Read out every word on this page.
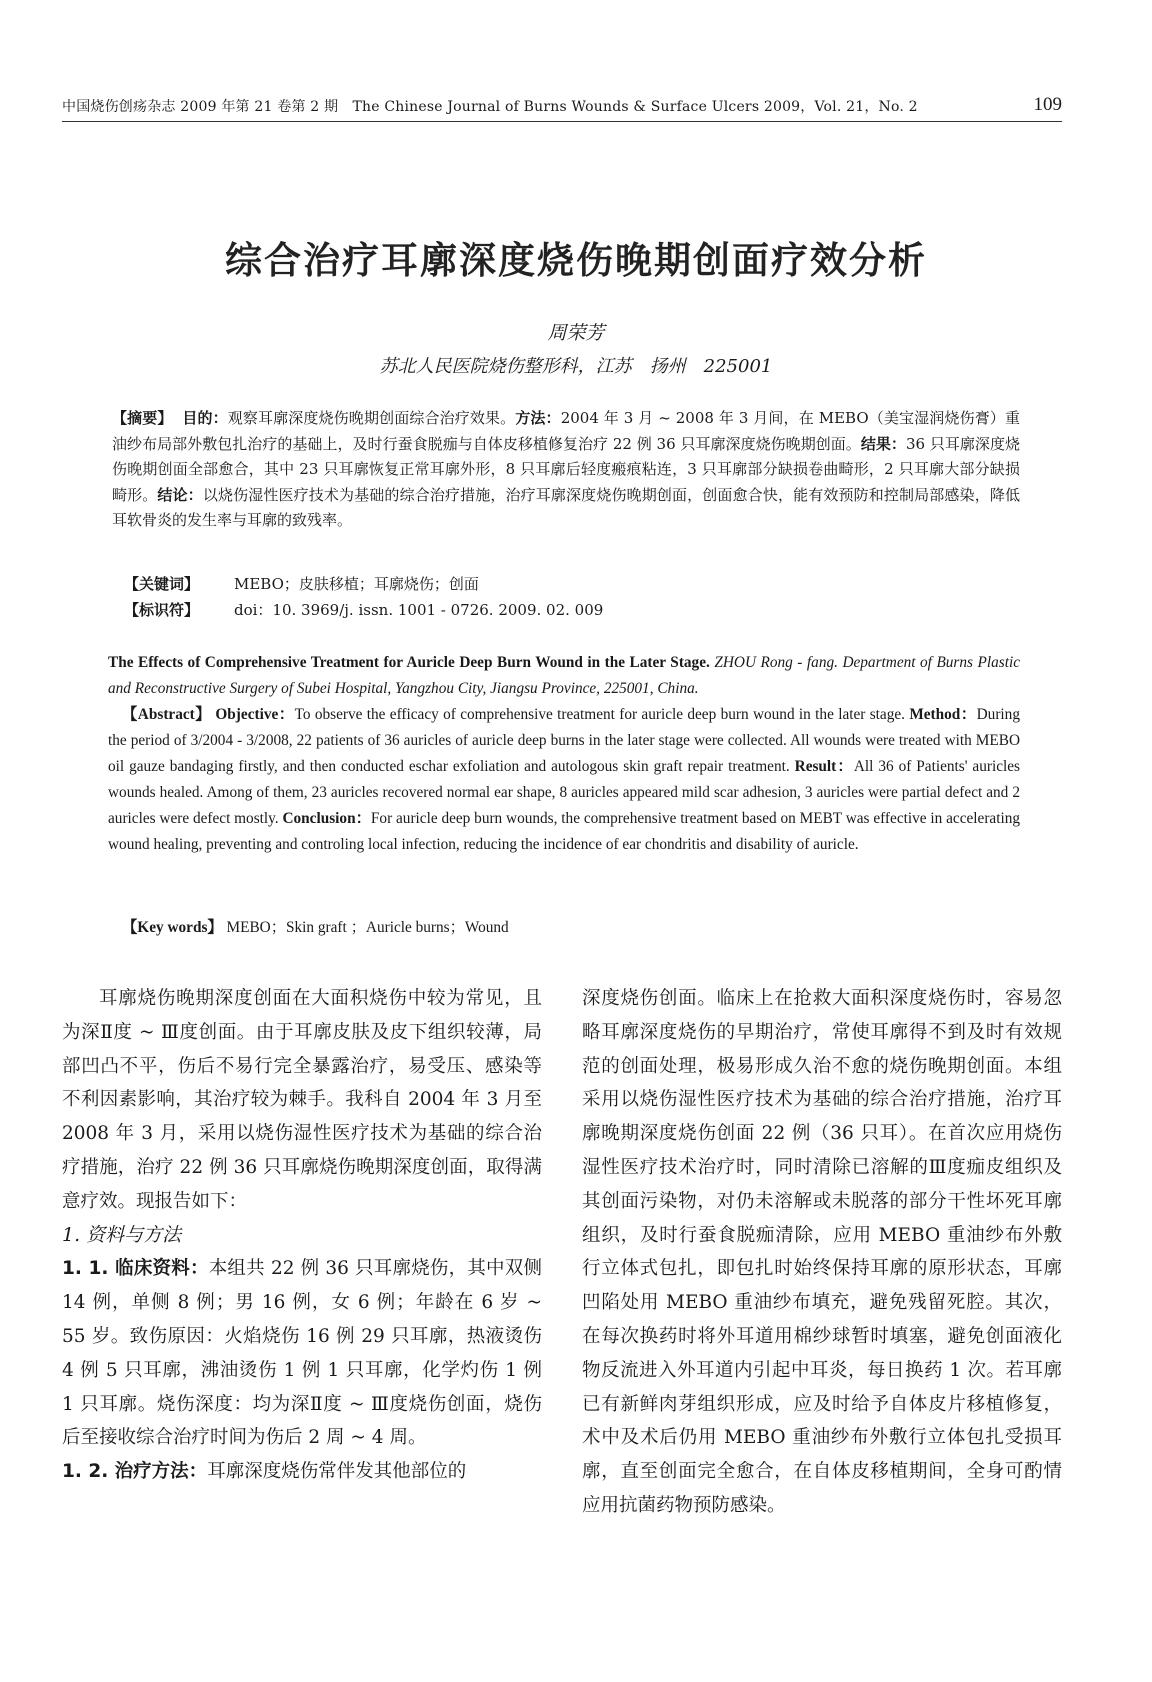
中国烧伤创疡杂志 2009 年第 21 卷第 2 期　The Chinese Journal of Burns Wounds & Surface Ulcers 2009，Vol. 21，No. 2	109
综合治疗耳廓深度烧伤晚期创面疗效分析
周荣芳
苏北人民医院烧伤整形科，江苏　扬州　225001
【摘要】 目的：观察耳廓深度烧伤晚期创面综合治疗效果。方法：2004 年 3 月 ~ 2008 年 3 月间，在 MEBO（美宝湿润烧伤膏）重油纱布局部外敷包扎治疗的基础上，及时行蚕食脱痂与自体皮移植修复治疗 22 例 36 只耳廓深度烧伤晚期创面。结果：36 只耳廓深度烧伤晚期创面全部愈合，其中 23 只耳廓恢复正常耳廓外形，8 只耳廓后轻度瘢痕粘连，3 只耳廓部分缺损卷曲畸形，2 只耳廓大部分缺损畸形。结论：以烧伤湿性医疗技术为基础的综合治疗措施，治疗耳廓深度烧伤晚期创面，创面愈合快，能有效预防和控制局部感染，降低耳软骨炎的发生率与耳廓的致残率。
【关键词】 MEBO；皮肤移植；耳廓烧伤；创面
【标识符】 doi：10. 3969/j. issn. 1001 - 0726. 2009. 02. 009

The Effects of Comprehensive Treatment for Auricle Deep Burn Wound in the Later Stage. ZHOU Rong - fang. Department of Burns Plastic and Reconstructive Surgery of Subei Hospital, Yangzhou City, Jiangsu Province, 225001, China.

【Abstract】 Objective：To observe the efficacy of comprehensive treatment for auricle deep burn wound in the later stage. Method：During the period of 3/2004 - 3/2008, 22 patients of 36 auricles of auricle deep burns in the later stage were collected. All wounds were treated with MEBO oil gauze bandaging firstly, and then conducted eschar exfoliation and autologous skin graft repair treatment. Result：All 36 of Patients' auricles wounds healed. Among of them, 23 auricles recovered normal ear shape, 8 auricles appeared mild scar adhesion, 3 auricles were partial defect and 2 auricles were defect mostly. Conclusion：For auricle deep burn wounds, the comprehensive treatment based on MEBT was effective in accelerating wound healing, preventing and controling local infection, reducing the incidence of ear chondritis and disability of auricle.

【Key words】 MEBO；Skin graft ；Auricle burns；Wound

耳廓烧伤晚期深度创面在大面积烧伤中较为常见，且为深Ⅱ度 ~ Ⅲ度创面。由于耳廓皮肤及皮下组织较薄，局部凹凸不平，伤后不易行完全暴露治疗，易受压、感染等不利因素影响，其治疗较为棘手。我科自 2004 年 3 月至 2008 年 3 月，采用以烧伤湿性医疗技术为基础的综合治疗措施，治疗 22 例 36 只耳廓烧伤晚期深度创面，取得满意疗效。现报告如下：

1. 资料与方法

1. 1. 临床资料：本组共 22 例 36 只耳廓烧伤，其中双侧 14 例，单侧 8 例；男 16 例，女 6 例；年龄在 6 岁 ~ 55 岁。致伤原因：火焰烧伤 16 例 29 只耳廓，热液烫伤 4 例 5 只耳廓，沸油烫伤 1 例 1 只耳廓，化学灼伤 1 例 1 只耳廓。烧伤深度：均为深Ⅱ度 ~ Ⅲ度烧伤创面，烧伤后至接收综合治疗时间为伤后 2 周 ~ 4 周。

1. 2. 治疗方法：耳廓深度烧伤常伴发其他部位的

深度烧伤创面。临床上在抢救大面积深度烧伤时，容易忽略耳廓深度烧伤的早期治疗，常使耳廓得不到及时有效规范的创面处理，极易形成久治不愈的烧伤晚期创面。本组采用以烧伤湿性医疗技术为基础的综合治疗措施，治疗耳廓晚期深度烧伤创面 22 例（36 只耳）。在首次应用烧伤湿性医疗技术治疗时，同时清除已溶解的Ⅲ度痂皮组织及其创面污染物，对仍未溶解或未脱落的部分干性坏死耳廓组织，及时行蚕食脱痂清除，应用 MEBO 重油纱布外敷行立体式包扎，即包扎时始终保持耳廓的原形状态，耳廓凹陷处用 MEBO 重油纱布填充，避免残留死腔。其次，在每次换药时将外耳道用棉纱球暂时填塞，避免创面液化物反流进入外耳道内引起中耳炎，每日换药 1 次。若耳廓已有新鲜肉芽组织形成，应及时给予自体皮片移植修复，术中及术后仍用 MEBO 重油纱布外敷行立体包扎受损耳廓，直至创面完全愈合，在自体皮移植期间，全身可酌情应用抗菌药物预防感染。
